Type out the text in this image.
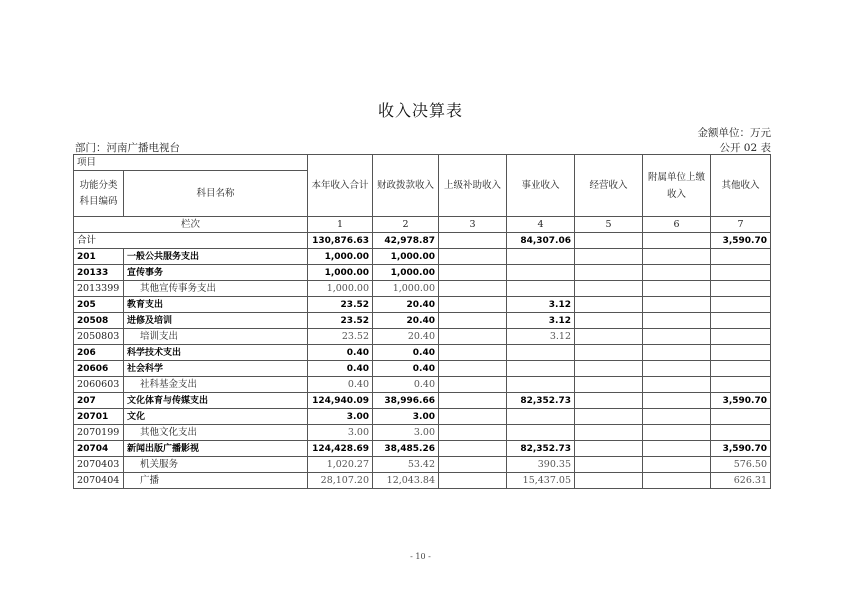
收入决算表
金额单位：万元
部门：河南广播电视台	公开 02 表
项目		本年收入合计	财政拨款收入	上级补助收入	事业收入	经营收入	附属单位上缴收入	其他收入
功能分类科目编码	科目名称							

栏次		1	2	3	4	5	6	7
合计		130,876.63	42,978.87		84,307.06			3,590.70
201	一般公共服务支出	1,000.00	1,000.00					
20133	宣传事务	1,000.00	1,000.00					
2013399	其他宣传事务支出	1,000.00	1,000.00					
205	教育支出	23.52	20.40		3.12			
20508	进修及培训	23.52	20.40		3.12			
2050803	培训支出	23.52	20.40		3.12			
206	科学技术支出	0.40	0.40					
20606	社会科学	0.40	0.40					
2060603	社科基金支出	0.40	0.40					
207	文化体育与传媒支出	124,940.09	38,996.66		82,352.73			3,590.70
20701	文化	3.00	3.00					
2070199	其他文化支出	3.00	3.00					
20704	新闻出版广播影视	124,428.69	38,485.26		82,352.73			3,590.70
2070403	机关服务	1,020.27	53.42		390.35			576.50
2070404	广播	28,107.20	12,043.84		15,437.05			626.31
- 10 -
